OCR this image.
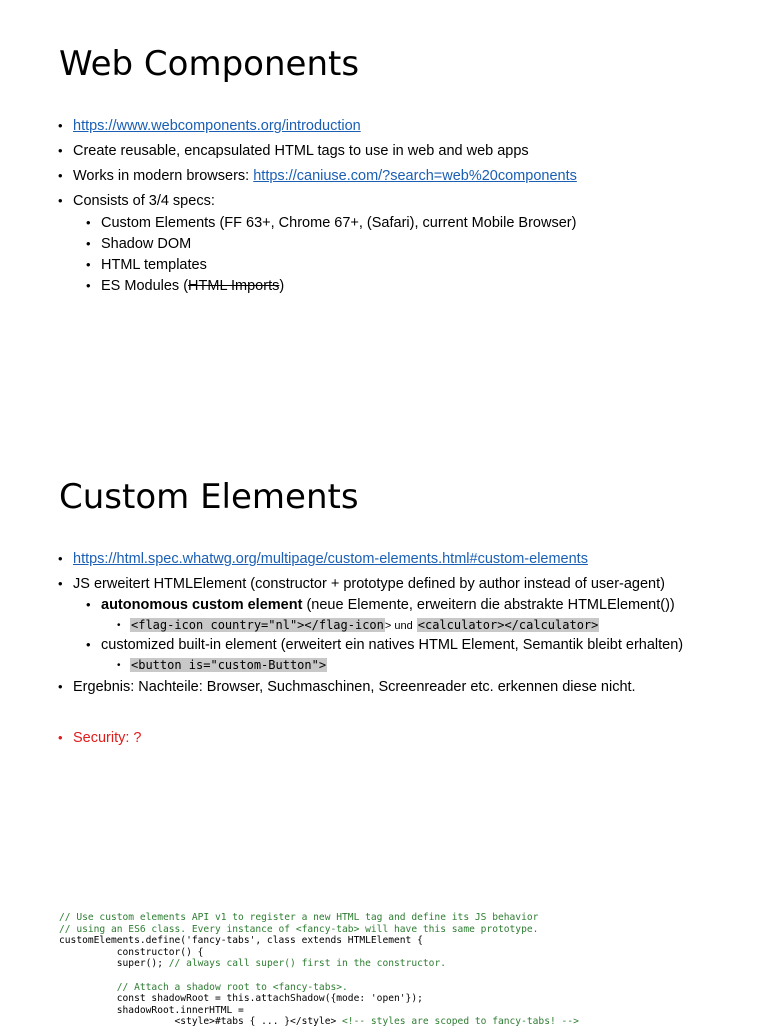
Web Components
• https://www.webcomponents.org/introduction
• Create reusable, encapsulated HTML tags to use in web and web apps
• Works in modern browsers: https://caniuse.com/?search=web%20components
• Consists of 3/4 specs:
• Custom Elements (FF 63+, Chrome 67+, (Safari), current Mobile Browser)
• Shadow DOM
• HTML templates
• ES Modules (HTML Imports)
Custom Elements
• https://html.spec.whatwg.org/multipage/custom-elements.html#custom-elements
• JS erweitert HTMLElement (constructor + prototype defined by author instead of user-agent)
• autonomous custom element (neue Elemente, erweitern die abstrakte HTMLElement())
• <flag-icon country="nl"></flag-icon> und <calculator></calculator>
• customized built-in element (erweitert ein natives HTML Element, Semantik bleibt erhalten)
• <button is="custom-Button">
• Ergebnis: Nachteile: Browser, Suchmaschinen, Screenreader etc. erkennen diese nicht.
• Security: ?
// Use custom elements API v1 to register a new HTML tag and define its JS behavior
// using an ES6 class. Every instance of <fancy-tab> will have this same prototype.
customElements.define('fancy-tabs', class extends HTMLElement {
constructor() {
super(); // always call super() first in the constructor.

// Attach a shadow root to <fancy-tabs>.
const shadowRoot = this.attachShadow({mode: 'open'});
shadowRoot.innerHTML =
<style>#tabs { ... }</style> <!-- styles are scoped to fancy-tabs! -->
